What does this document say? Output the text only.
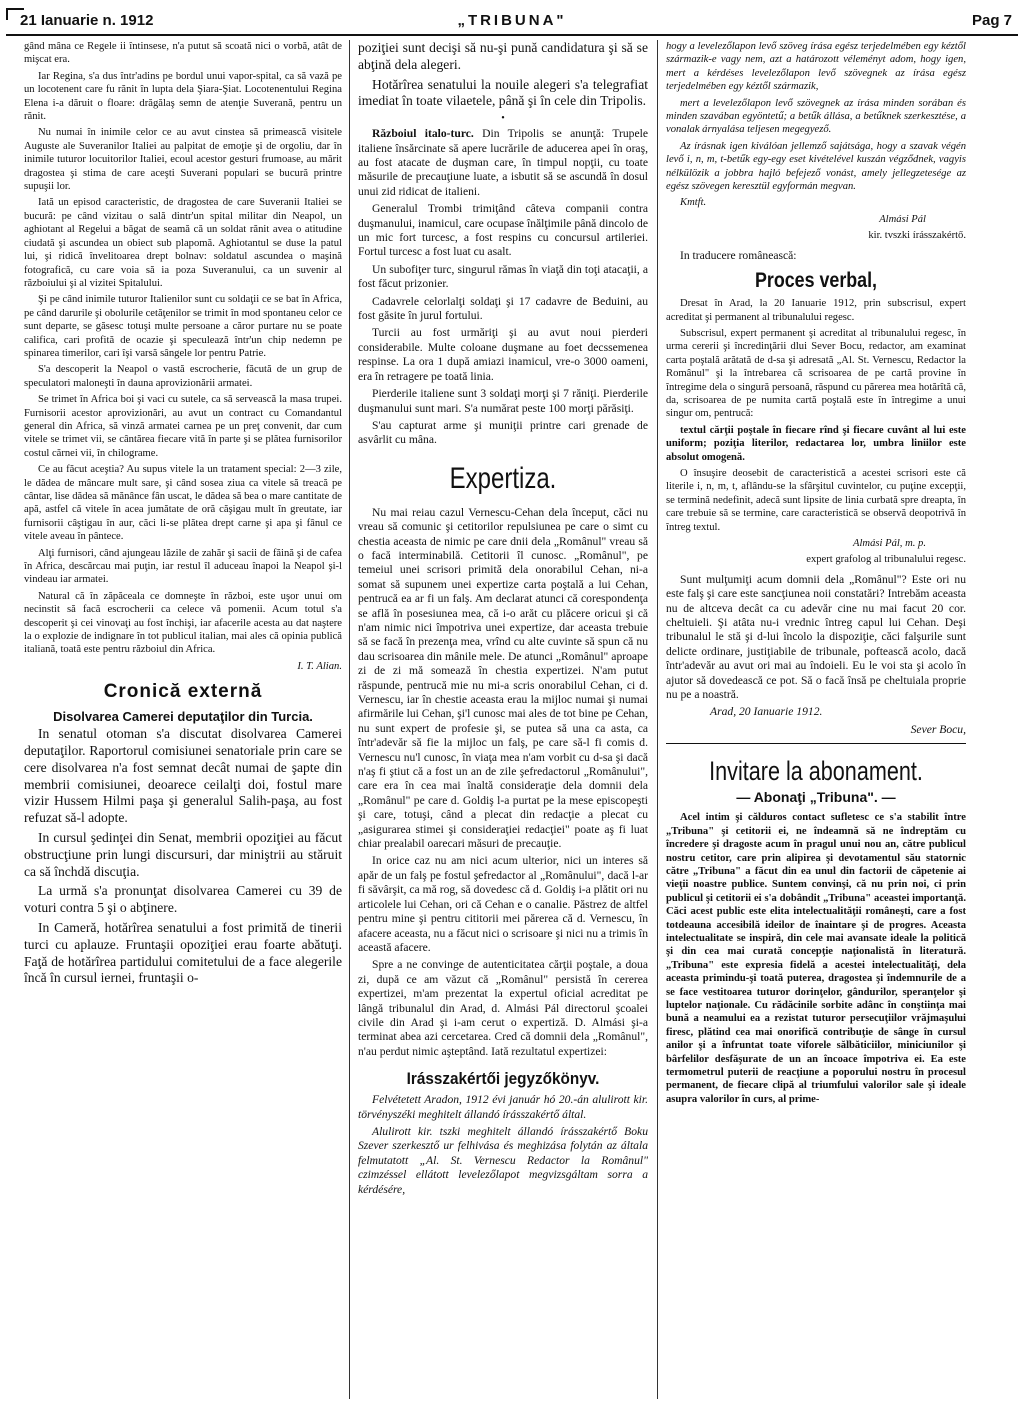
21 Ianuarie n. 1912	„TRIBUNA"	Pag 7

gând mâna ce Regele ii întinsese, n'a putut să scoată nici o vorbă, atât de mişcat era.

Iar Regina, s'a dus într'adins pe bordul unui vapor-spital, ca să vază pe un locotenent care fu rănit în lupta dela Şiara-Şiat. Locotenentului Regina Elena i-a dăruit o floare: drăgălaş semn de atenţie Suverană, pentru un rănit.

Nu numai în inimile celor ce au avut cinstea să primească visitele Auguste ale Suveranilor Italiei au palpitat de emoţie şi de orgoliu, dar în inimile tuturor locuitorilor Italiei, ecoul acestor gesturi frumoase, au mărit dragostea şi stima de care aceşti Suverani populari se bucură printre supuşii lor.

Iată un episod caracteristic, de dragostea de care Suveranii Italiei se bucură: pe când vizitau o sală dintr'un spital militar din Neapol, un aghiotant al Regelui a băgat de seamă că un soldat rănit avea o atitudine ciudată şi ascundea un obiect sub plapomă. Aghiotantul se duse la patul lui, şi ridică învelitoarea drept bolnav: soldatul ascundea o maşină fotografică, cu care voia să ia poza Suveranului, ca un suvenir al războiului şi al vizitei Spitalului.

Şi pe când inimile tuturor Italienilor sunt cu soldaţii ce se bat în Africa, pe când darurile şi obolurile cetăţenilor se trimit în mod spontaneu celor ce sunt departe, se găsesc totuşi multe persoane a căror purtare nu se poate califica, cari profită de ocazie şi speculează într'un chip nedemn pe spinarea timerilor, cari îşi varsă sângele lor pentru Patrie.

S'a descoperit la Neapol o vastă escrocherie, făcută de un grup de speculatori maloneşti în dauna aprovizionării armatei.

Se trimet în Africa boi şi vaci cu sutele, ca să servească la masa trupei. Furnisorii acestor aprovizionări, au avut un contract cu Comandantul general din Africa, să vinză armatei carnea pe un preţ convenit, dar cum vitele se trimet vii, se cântărea fiecare vită în parte şi se plătea furnisorilor costul cărnei vii, în chilograme.

Ce au făcut aceştia? Au supus vitele la un tratament special: 2—3 zile, le dădea de mâncare mult sare, şi când sosea ziua ca vitele să treacă pe cântar, lise dădea să mănânce fân uscat, le dădea să bea o mare cantitate de apă, astfel că vitele în acea jumătate de oră căşigau mult în greutate, iar furnisorii câştigau în aur, căci li-se plătea drept carne şi apa şi fânul ce vitele aveau în pântece.

Alţi furnisori, când ajungeau lăzile de zahăr şi sacii de făină şi de cafea în Africa, descărcau mai puţin, iar restul îl aduceau înapoi la Neapol şi-l vindeau iar armatei.

Natural că în zăpăceala ce domneşte în război, este uşor unui om necinstit să facă escrocherii ca celece vă pomenii. Acum totul s'a descoperit şi cei vinovaţi au fost închişi, iar afacerile acesta au dat naştere la o explozie de indignare în tot publicul italian, mai ales că opinia publică italiană, toată este pentru războiul din Africa.

I. T. Alian.

Cronică externă
Disolvarea Camerei deputaţilor din Turcia.

In senatul otoman s'a discutat disolvarea Camerei deputaţilor. Raportorul comisiunei senatoriale prin care se cere disolvarea n'a fost semnat decât numai de şapte din membrii comisiunei, deoarece ceilalţi doi, fostul mare vizir Hussem Hilmi paşa şi generalul Salih-paşa, au fost refuzat să-l adopte.

In cursul şedinţei din Senat, membrii opoziţiei au făcut obstrucţiune prin lungi discursuri, dar miniştrii au stăruit ca să închdă discuţia.

La urmă s'a pronunţat disolvarea Camerei cu 39 de voturi contra 5 şi o abţinere.

In Cameră, hotărîrea senatului a fost primită de tinerii turci cu aplauze. Fruntaşii opoziţiei erau foarte abătuţi. Faţă de hotărîrea partidului comitetului de a face alegerile încă în cursul iernei, fruntaşii o-

poziţiei sunt decişi să nu-şi pună candidatura şi să se abţină dela alegeri.

Hotărîrea senatului la nouile alegeri s'a telegrafiat imediat în toate vilaetele, până şi în cele din Tripolis.

•

Războiul italo-turc. Din Tripolis se anunţă: Trupele italiene însărcinate să apere lucrările de aducerea apei în oraş, au fost atacate de duşman care, în timpul nopţii, cu toate măsurile de precauţiune luate, a isbutit să se ascundă în dosul unui zid ridicat de italieni.

Generalul Trombi trimiţând câteva companii contra duşmanului, inamicul, care ocupase înălţimile până dincolo de un mic fort turcesc, a fost respins cu concursul artileriei. Fortul turcesc a fost luat cu asalt.

Un subofiţer turc, singurul rămas în viaţă din toţi atacaţii, a fost făcut prizonier.

Cadavrele celorlalţi soldaţi şi 17 cadavre de Beduini, au fost găsite în jurul fortului.

Turcii au fost urmăriţi şi au avut noui pierderi considerabile. Multe coloane duşmane au foet decssemenea respinse. La ora 1 după amiazi inamicul, vre-o 3000 oameni, era în retragere pe toată linia.

Pierderile italiene sunt 3 soldaţi morţi şi 7 răniţi. Pierderile duşmanului sunt mari. S'a numărat peste 100 morţi părăsiţi.

S'au capturat arme şi muniţii printre cari grenade de asvârlit cu mâna.

Expertiza.

Nu mai reiau cazul Vernescu-Cehan dela început, căci nu vreau să comunic şi cetitorilor repulsiunea pe care o simt cu chestia aceasta de nimic pe care dnii dela „Românul" vreau să o facă interminabilă. Cetitorii îl cunosc. „Românul", pe temeiul unei scrisori primită dela onorabilul Cehan, ni-a somat să supunem unei expertize carta poştală a lui Cehan, pentrucă ea ar fi un falş. Am declarat atunci că corespondenţa se află în posesiunea mea, că i-o arăt cu plăcere oricui şi că n'am nimic nici împotriva unei expertize, dar aceasta trebuie să se facă în prezenţa mea, vrînd cu alte cuvinte să spun că nu dau scrisoarea din mânile mele. De atunci „Românul" aproape zi de zi mă somează în chestia expertizei. N'am putut răspunde, pentrucă mie nu mi-a scris onorabilul Cehan, ci d. Vernescu, iar în chestie aceasta erau la mijloc numai şi numai afirmările lui Cehan, şi'l cunosc mai ales de tot bine pe Cehan, nu sunt expert de profesie şi, se putea să una ca asta, ca într'adevăr să fie la mijloc un falş, pe care să-l fi comis d. Vernescu nu'l cunosc, în viaţa mea n'am vorbit cu d-sa şi dacă n'aş fi ştiut că a fost un an de zile şefredactorul „Românului", care era în cea mai înaltă consideraţie dela domnii dela „Românul" pe care d. Goldiş l-a purtat pe la mese episcopeşti şi care, totuşi, când a plecat din redacţie a plecat cu „asigurarea stimei şi consideraţiei redacţiei" poate aş fi luat chiar prealabil oarecari măsuri de precauţie.

In orice caz nu am nici acum ulterior, nici un interes să apăr de un falş pe fostul şefredactor al „Românului", dacă l-ar fi săvârşit, ca mă rog, să dovedesc că d. Goldiş i-a plătit ori nu articolele lui Cehan, ori că Cehan e o canalie. Păstrez de altfel pentru mine şi pentru cititorii mei părerea că d. Vernescu, în afacere aceasta, nu a făcut nici o scrisoare şi nici nu a trimis în această afacere.

Spre a ne convinge de autenticitatea cărţii poştale, a doua zi, după ce am văzut că „Românul" persistă în cererea expertizei, m'am prezentat la expertul oficial acreditat pe lângă tribunalul din Arad, d. Almási Pál directorul şcoalei civile din Arad şi i-am cerut o expertiză. D. Almási şi-a terminat abea azi cercetarea. Cred că domnii dela „Românul", n'au perdut nimic aşteptând. Iată rezultatul expertizei:

Irásszakértői jegyzőkönyv.

Felvétetett Aradon, 1912 évi január hó 20.-án alulirott kir. törvényszéki meghitelt állandó írásszakértő által.

Alulirott kir. tszki meghitelt állandó írásszakértő Boku Szever szerkesztő ur felhivása és meghizása folytán az általa felmutatott „Al. St. Vernescu Redactor la Românul" czimzéssel ellátott levelezőlapot megvizsgáltam sorra a kérdésére,

hogy a levelezőlapon levő szöveg írása egész terjedelmében egy kéztől származik-e vagy nem, azt a határozott véleményt adom, hogy igen, mert a kérdéses levelezőlapon levő szövegnek az írása egész terjedelmében egy kéztől származik,

mert a levelezőlapon levő szövegnek az írása minden sorában és minden szavában egyöntetű; a betűk állása, a betűknek szerkesztése, a vonalak árnyalása teljesen megegyező.

Az írásnak igen kiválóan jellemző sajátsága, hogy a szavak végén levő i, n, m, t-betűk egy-egy eset kivételével kuszán végződnek, vagyis nélkülözik a jobbra hajló befejező vonást, amely jellegzetesége az egész szövegen keresztül egyformán megvan.

Kmtft.

Almási Pál

kir. tvszki írásszakértő.

In traducere românească:

Proces verbal,

Dresat în Arad, la 20 Ianuarie 1912, prin subscrisul, expert acreditat şi permanent al tribunalului regesc.

Subscrisul, expert permanent şi acreditat al tribunalului regesc, în urma cererii şi încredinţării dlui Sever Bocu, redactor, am examinat carta poştală arătată de d-sa şi adresată „Al. St. Vernescu, Redactor la Românul" şi la întrebarea că scrisoarea de pe cartă provine în întregime dela o singură persoană, răspund cu părerea mea hotărîtă că, da, scrisoarea de pe numita cartă poştală este în întregime a unui singur om, pentrucă:

textul cărţii poştale în fiecare rînd şi fiecare cuvânt al lui este uniform; poziţia literilor, redactarea lor, umbra liniilor este absolut omogenă.

O însuşire deosebit de caracteristică a acestei scrisori este că literile i, n, m, t, aflându-se la sfârşitul cuvintelor, cu puţine excepţii, se termină nedefinit, adecă sunt lipsite de linia curbată spre dreapta, în care trebuie să se termine, care caracteristică se observă deopotrivă în întreg textul.

Almási Pál, m. p.

expert grafolog al tribunalului regesc.

Sunt mulţumiţi acum domnii dela „Românul"? Este ori nu este falş şi care este sancţiunea noii constatări? Intrebăm aceasta nu de altceva decât ca cu adevăr cine nu mai facut 20 cor. cheltuieli. Şi atâta nu-i vrednic întreg capul lui Cehan. Deşi tribunalul le stă şi d-lui încolo la dispoziţie, căci falşurile sunt delicte ordinare, justiţiabile de tribunale, poftească acolo, dacă într'adevăr au avut ori mai au îndoieli. Eu le voi sta şi acolo în ajutor să dovedească ce pot. Să o facă însă pe cheltuiala proprie nu pe a noastră.

Arad, 20 Ianuarie 1912.

Sever Bocu,

Invitare la abonament.
— Abonaţi „Tribuna". —

Acel intim şi călduros contact sufletesc ce s'a stabilit între „Tribuna" şi cetitorii ei, ne îndeamnă să ne îndreptăm cu încredere şi dragoste acum în pragul unui nou an, către publicul nostru cetitor, care prin alipirea şi devotamentul său statornic către „Tribuna" a făcut din ea unul din factorii de căpetenie ai vieţii noastre publice. Suntem convinşi, că nu prin noi, ci prin publicul şi cetitorii ei s'a dobândit „Tribuna" aceastei importanţă. Căci acest public este elita intelectualităţii româneşti, care a fost totdeauna accesibilă ideilor de înaintare şi de progres. Aceasta intelectualitate se inspiră, din cele mai avansate ideale la politică şi din cea mai curată concepţie naţionalistă în literatură. „Tribuna" este expresia fidelă a acestei intelectualităţi, dela aceasta primindu-şi toată puterea, dragostea şi îndemnurile de a se face vestitoarea tuturor dorinţelor, gândurilor, speranţelor şi luptelor naţionale. Cu rădăcinile sorbite adânc în conştiinţa mai bună a neamului ea a rezistat tuturor persecuţiilor vrăjmaşului firesc, plătind cea mai onorifică contribuţie de sânge în cursul anilor şi a înfruntat toate viforele sălbăticiilor, miniciunilor şi bârfelilor desfăşurate de un an încoace împotriva ei. Ea este termometrul puterii de reacţiune a poporului nostru în procesul permanent, de fiecare clipă al triumfului valorilor sale şi ideale asupra valorilor în curs, al prime-
